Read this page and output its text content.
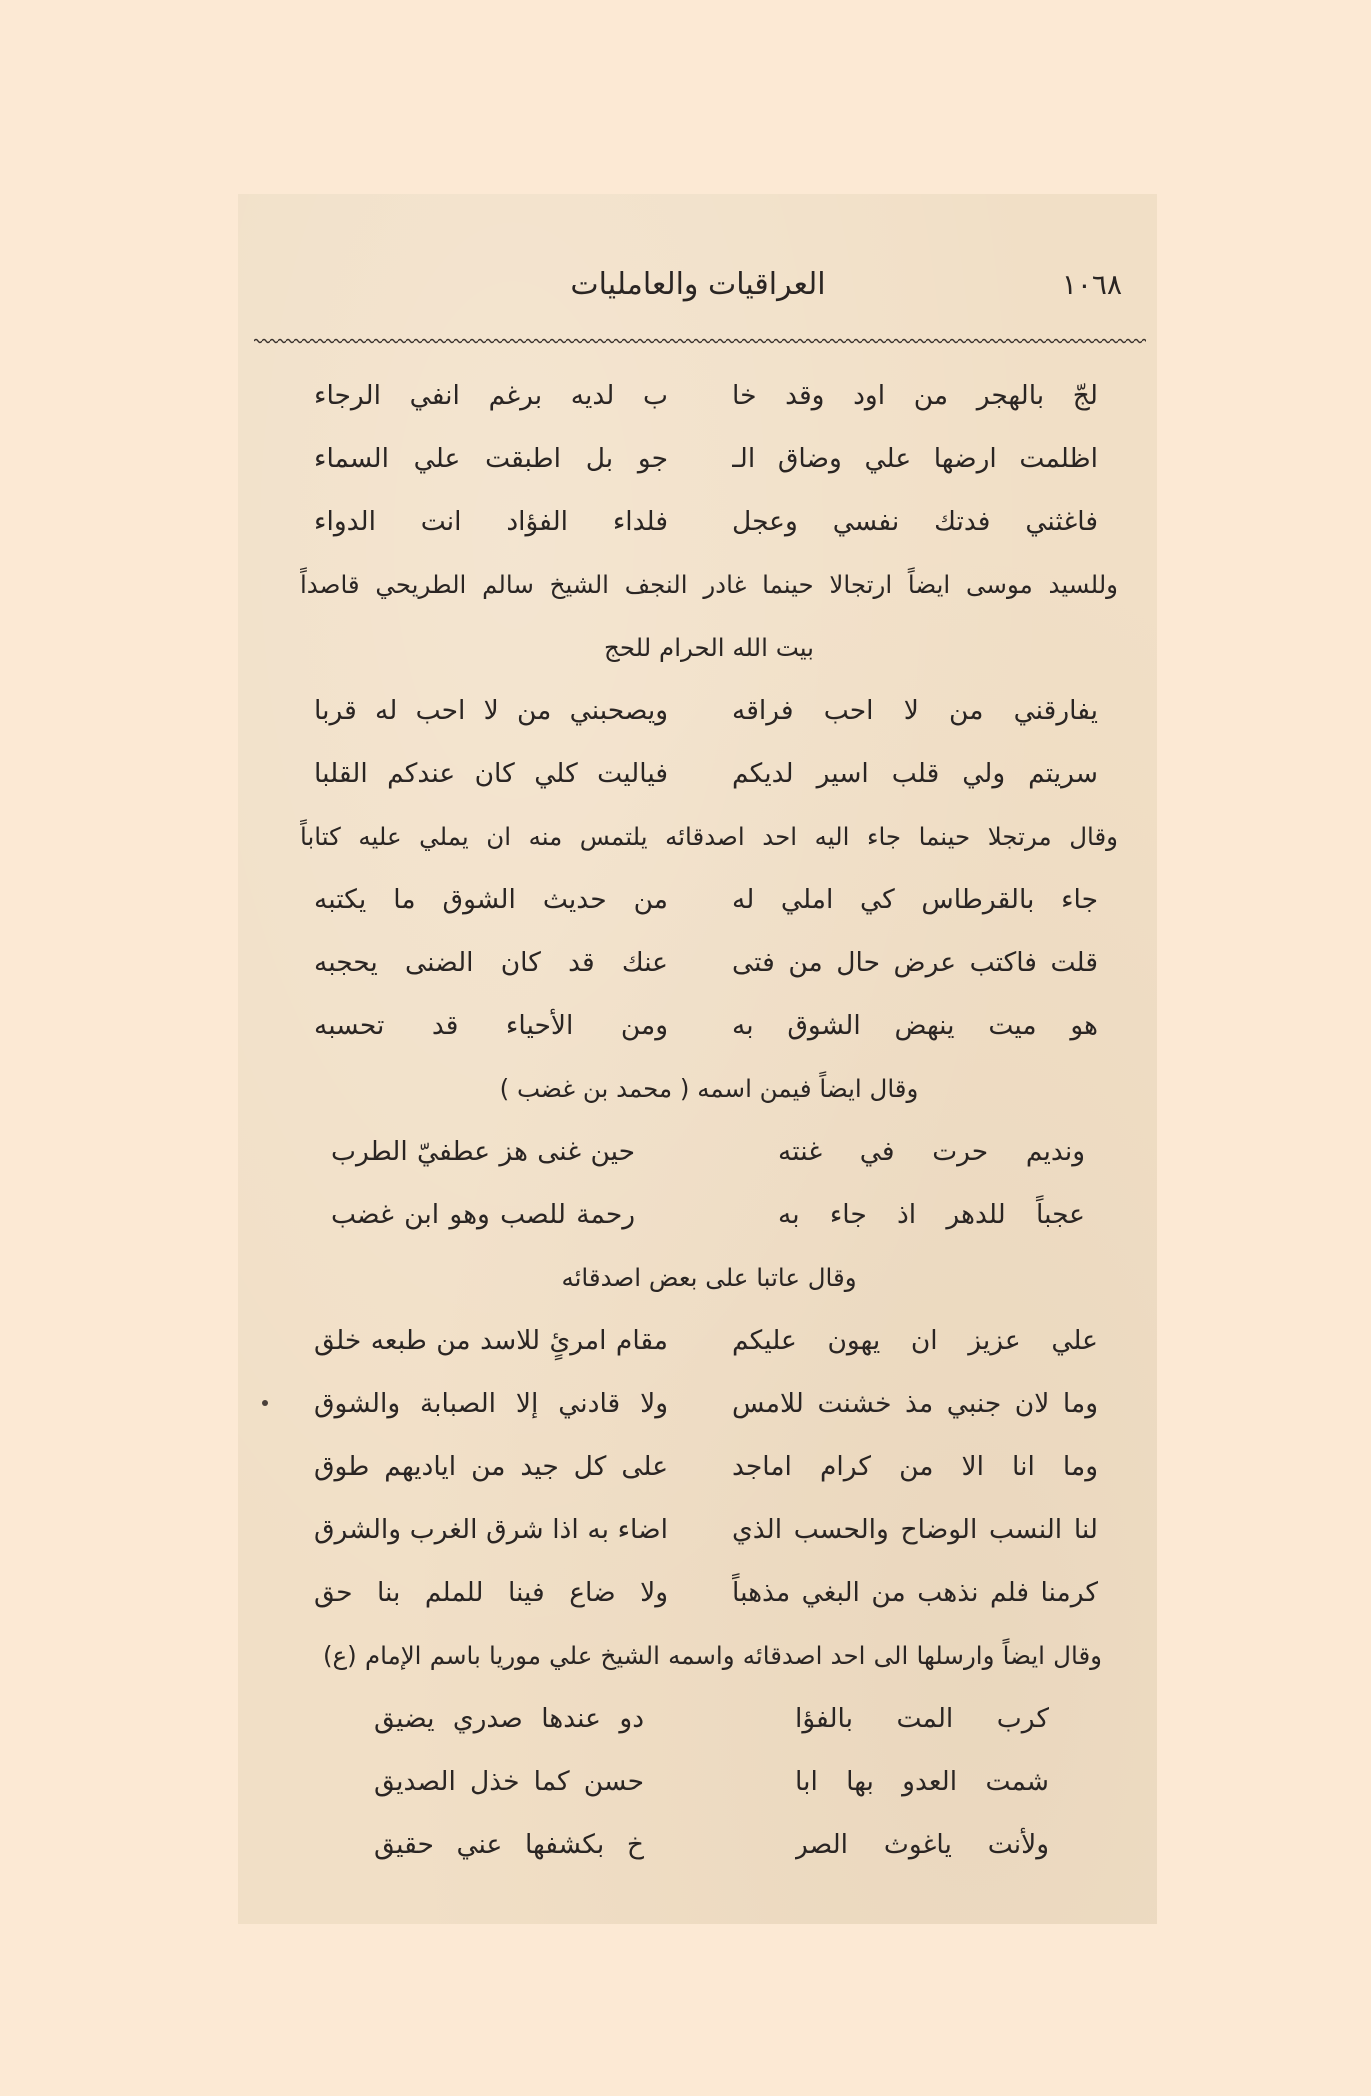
العراقيات والعامليات	١٠٦٨
لجّ بالهجر من اود وقد خا
ب لديه برغم انفي الرجاء
اظلمت ارضها علي وضاق الـ
جو بل اطبقت علي السماء
فاغثني فدتك نفسي وعجل
فلداء الفؤاد انت الدواء
وللسيد موسى ايضاً ارتجالا حينما غادر النجف الشيخ سالم الطريحي قاصداً
بيت الله الحرام للحج
يفارقني من لا احب فراقه
ويصحبني من لا احب له قربا
سريتم ولي قلب اسير لديكم
فياليت كلي كان عندكم القلبا
وقال مرتجلا حينما جاء اليه احد اصدقائه يلتمس منه ان يملي عليه كتاباً
جاء بالقرطاس كي املي له
من حديث الشوق ما يكتبه
قلت فاكتب عرض حال من فتى
عنك قد كان الضنى يحجبه
هو ميت ينهض الشوق به
ومن الأحياء قد تحسبه
وقال ايضاً فيمن اسمه ( محمد بن غضب )
ونديم حرت في غنته
حين غنى هز عطفيّ الطرب
عجباً للدهر اذ جاء به
رحمة للصب وهو ابن غضب
وقال عاتبا على بعض اصدقائه
علي عزيز ان يهون عليكم
مقام امرئٍ للاسد من طبعه خلق
وما لان جنبي مذ خشنت للامس
ولا قادني إلا الصبابة والشوق
وما انا الا من كرام اماجد
على كل جيد من اياديهم طوق
لنا النسب الوضاح والحسب الذي
اضاء به اذا شرق الغرب والشرق
كرمنا فلم نذهب من البغي مذهباً
ولا ضاع فينا للملم بنا حق
وقال ايضاً وارسلها الى احد اصدقائه واسمه الشيخ علي موريا باسم الإمام (ع)
كرب المت بالفؤا
دو عندها صدري يضيق
شمت العدو بها ابا
حسن كما خذل الصديق
ولأنت ياغوث الصر
خ بكشفها عني حقيق
